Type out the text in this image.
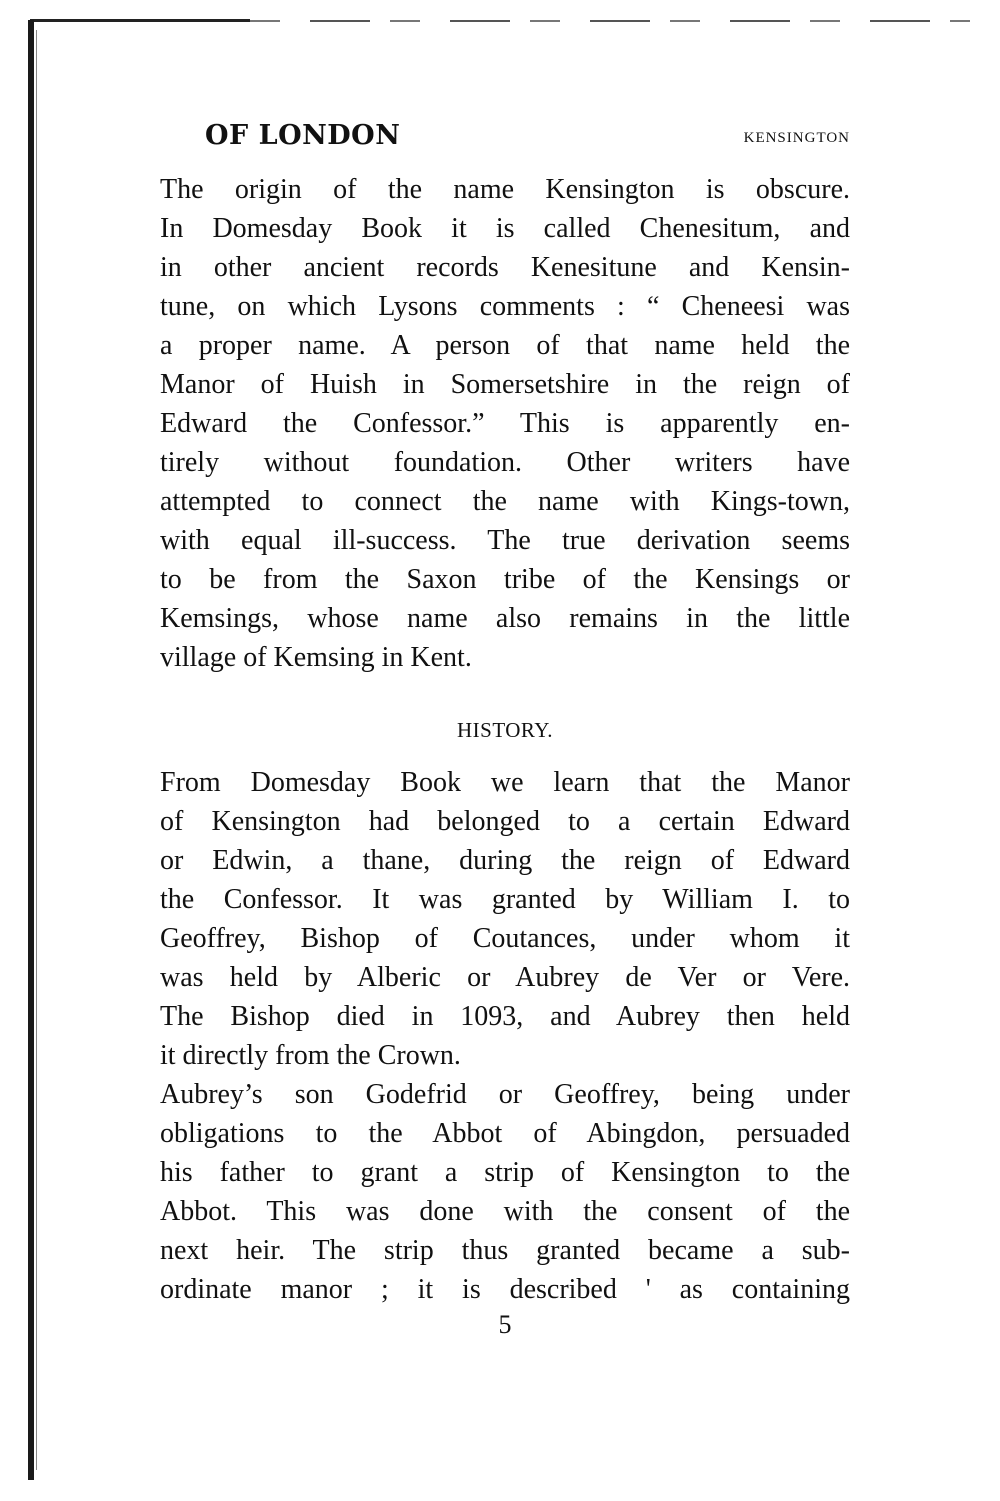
OF LONDON	KENSINGTON
The origin of the name Kensington is obscure.
In Domesday Book it is called Chenesitum, and
in other ancient records Kenesitune and Kensin-
tune, on which Lysons comments : “ Cheneesi was
a proper name. A person of that name held the
Manor of Huish in Somersetshire in the reign of
Edward the Confessor.” This is apparently en-
tirely without foundation. Other writers have
attempted to connect the name with Kings-town,
with equal ill-success. The true derivation seems
to be from the Saxon tribe of the Kensings or
Kemsings, whose name also remains in the little
village of Kemsing in Kent.
HISTORY.
From Domesday Book we learn that the Manor
of Kensington had belonged to a certain Edward
or Edwin, a thane, during the reign of Edward
the Confessor. It was granted by William I. to
Geoffrey, Bishop of Coutances, under whom it
was held by Alberic or Aubrey de Ver or Vere.
The Bishop died in 1093, and Aubrey then held
it directly from the Crown.
Aubrey’s son Godefrid or Geoffrey, being under
obligations to the Abbot of Abingdon, persuaded
his father to grant a strip of Kensington to the
Abbot. This was done with the consent of the
next heir. The strip thus granted became a sub-
ordinate manor ; it is described ' as containing
5
